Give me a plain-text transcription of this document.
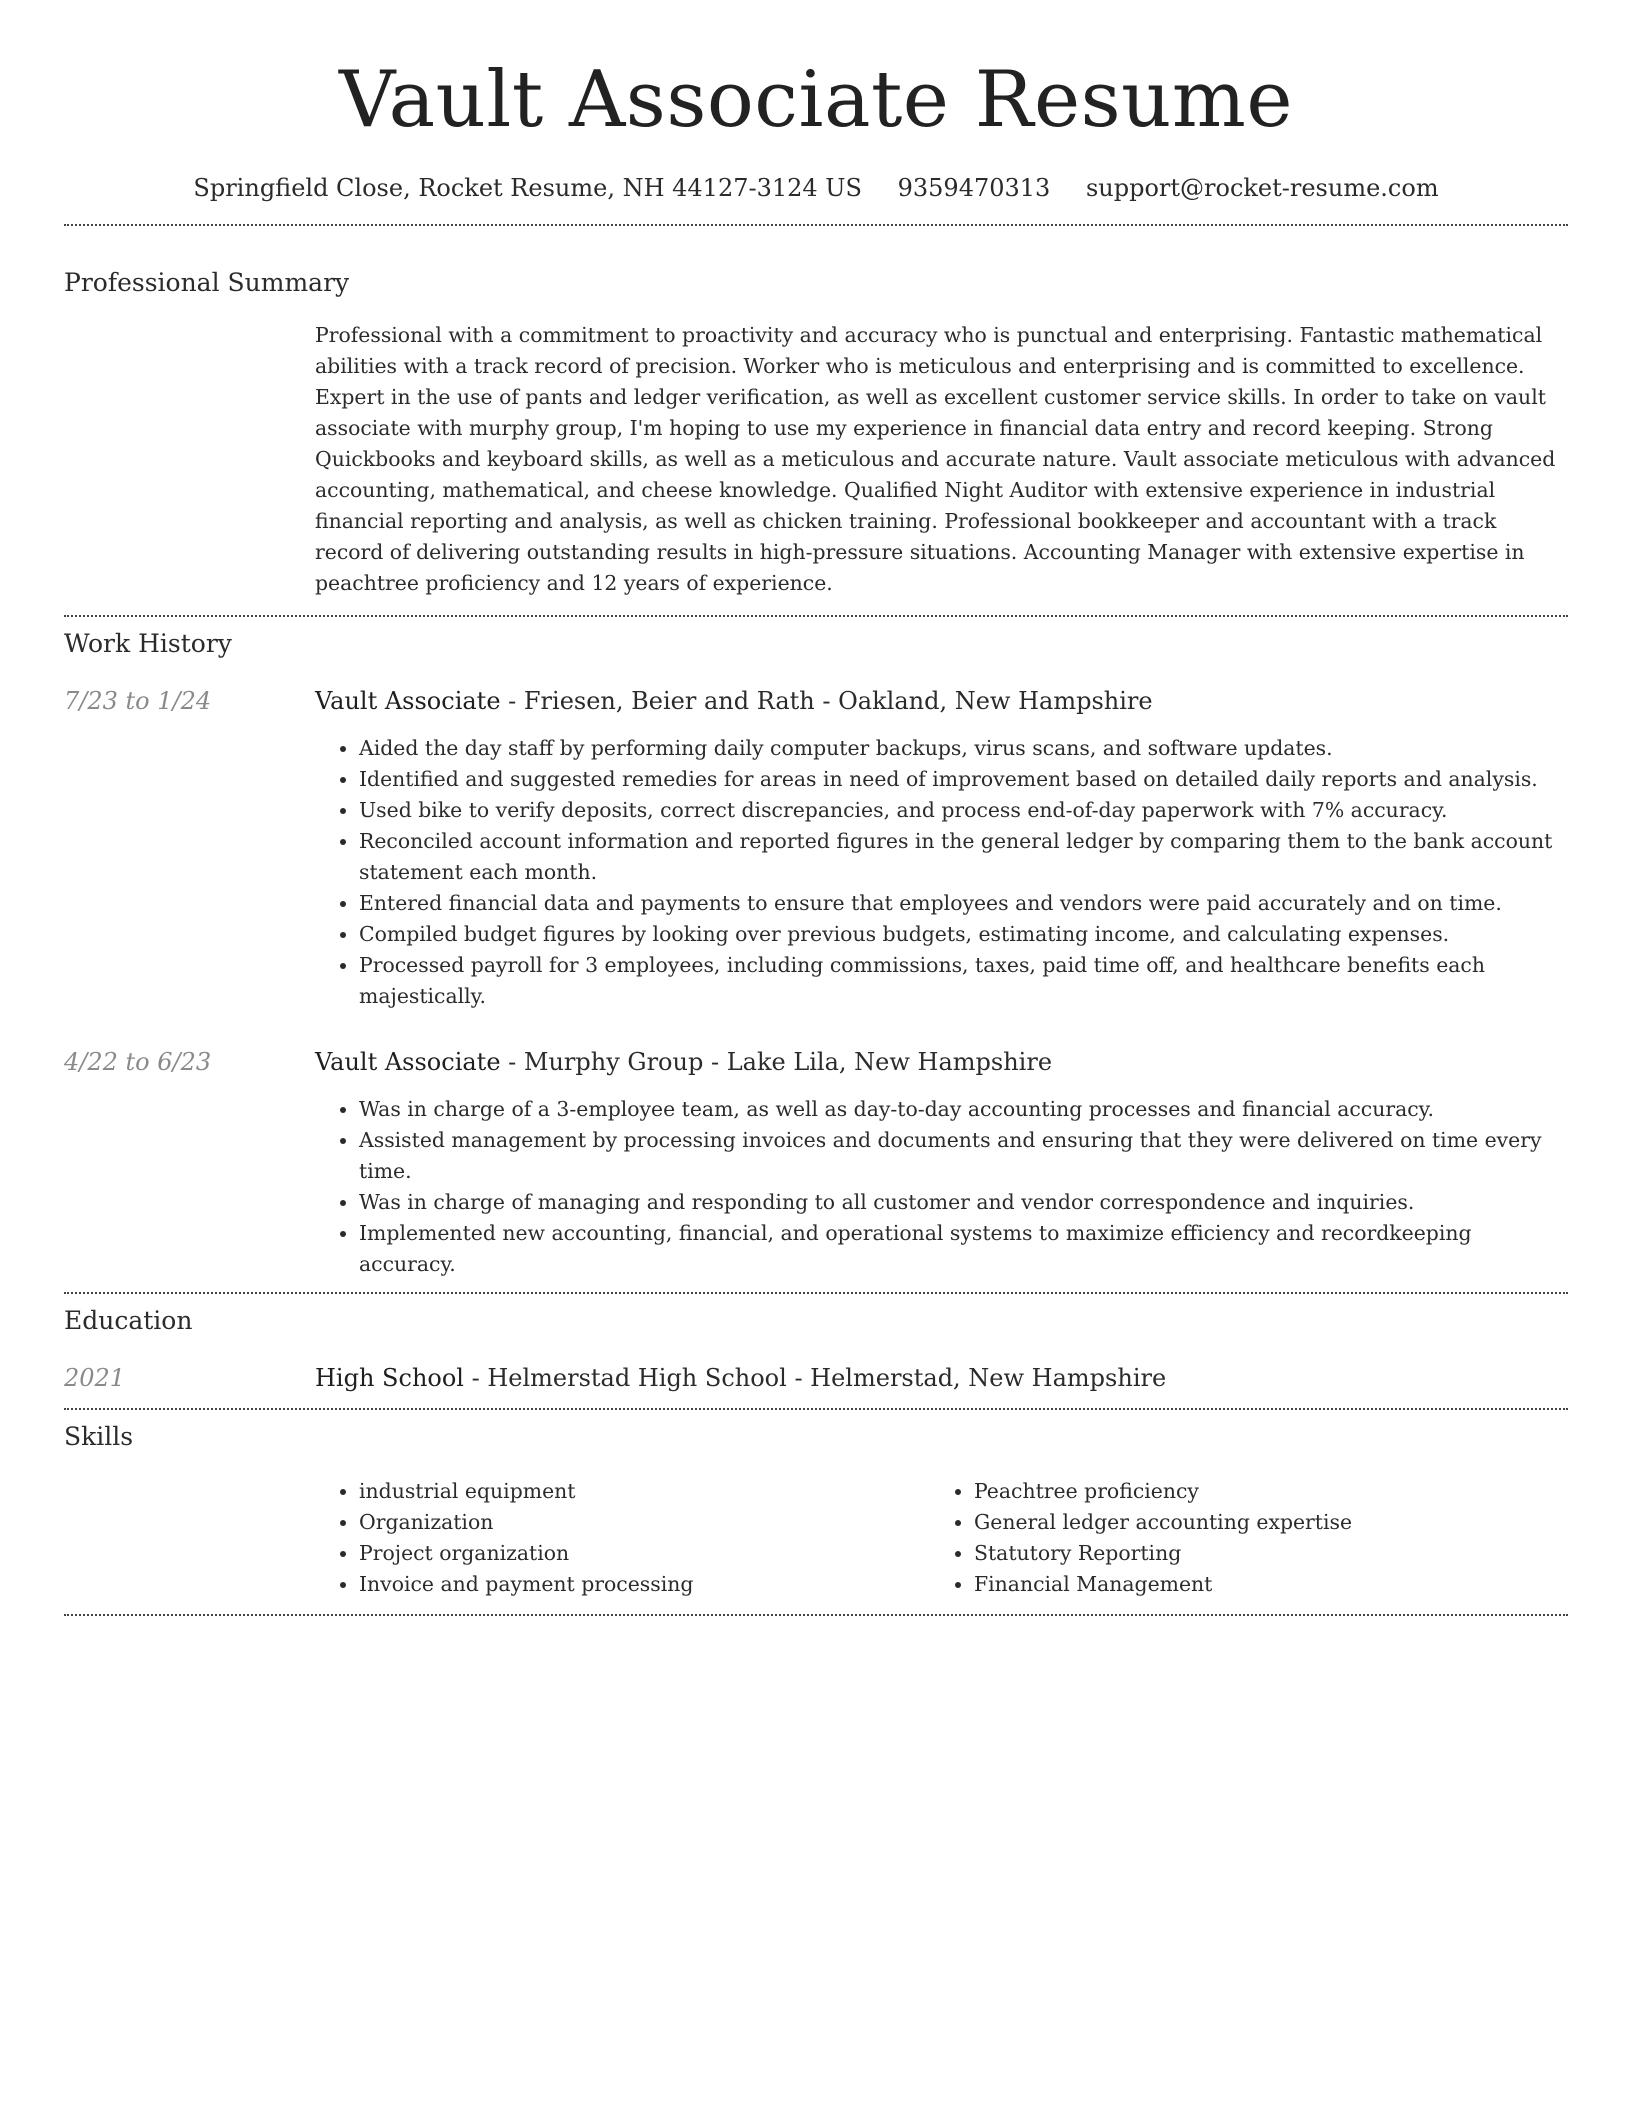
Vault Associate Resume
Springfield Close, Rocket Resume, NH 44127-3124 US 9359470313 support@rocket-resume.com
Professional Summary
Professional with a commitment to proactivity and accuracy who is punctual and enterprising. Fantastic mathematical abilities with a track record of precision. Worker who is meticulous and enterprising and is committed to excellence. Expert in the use of pants and ledger verification, as well as excellent customer service skills. In order to take on vault associate with murphy group, I'm hoping to use my experience in financial data entry and record keeping. Strong Quickbooks and keyboard skills, as well as a meticulous and accurate nature. Vault associate meticulous with advanced accounting, mathematical, and cheese knowledge. Qualified Night Auditor with extensive experience in industrial financial reporting and analysis, as well as chicken training. Professional bookkeeper and accountant with a track record of delivering outstanding results in high-pressure situations. Accounting Manager with extensive expertise in peachtree proficiency and 12 years of experience.
Work History
7/23 to 1/24	Vault Associate - Friesen, Beier and Rath - Oakland, New Hampshire
• Aided the day staff by performing daily computer backups, virus scans, and software updates.
• Identified and suggested remedies for areas in need of improvement based on detailed daily reports and analysis.
• Used bike to verify deposits, correct discrepancies, and process end-of-day paperwork with 7% accuracy.
• Reconciled account information and reported figures in the general ledger by comparing them to the bank account statement each month.
• Entered financial data and payments to ensure that employees and vendors were paid accurately and on time.
• Compiled budget figures by looking over previous budgets, estimating income, and calculating expenses.
• Processed payroll for 3 employees, including commissions, taxes, paid time off, and healthcare benefits each majestically.
4/22 to 6/23	Vault Associate - Murphy Group - Lake Lila, New Hampshire
• Was in charge of a 3-employee team, as well as day-to-day accounting processes and financial accuracy.
• Assisted management by processing invoices and documents and ensuring that they were delivered on time every time.
• Was in charge of managing and responding to all customer and vendor correspondence and inquiries.
• Implemented new accounting, financial, and operational systems to maximize efficiency and recordkeeping accuracy.
Education
2021	High School - Helmerstad High School - Helmerstad, New Hampshire
Skills
• industrial equipment
• Organization
• Project organization
• Invoice and payment processing
• Peachtree proficiency
• General ledger accounting expertise
• Statutory Reporting
• Financial Management
